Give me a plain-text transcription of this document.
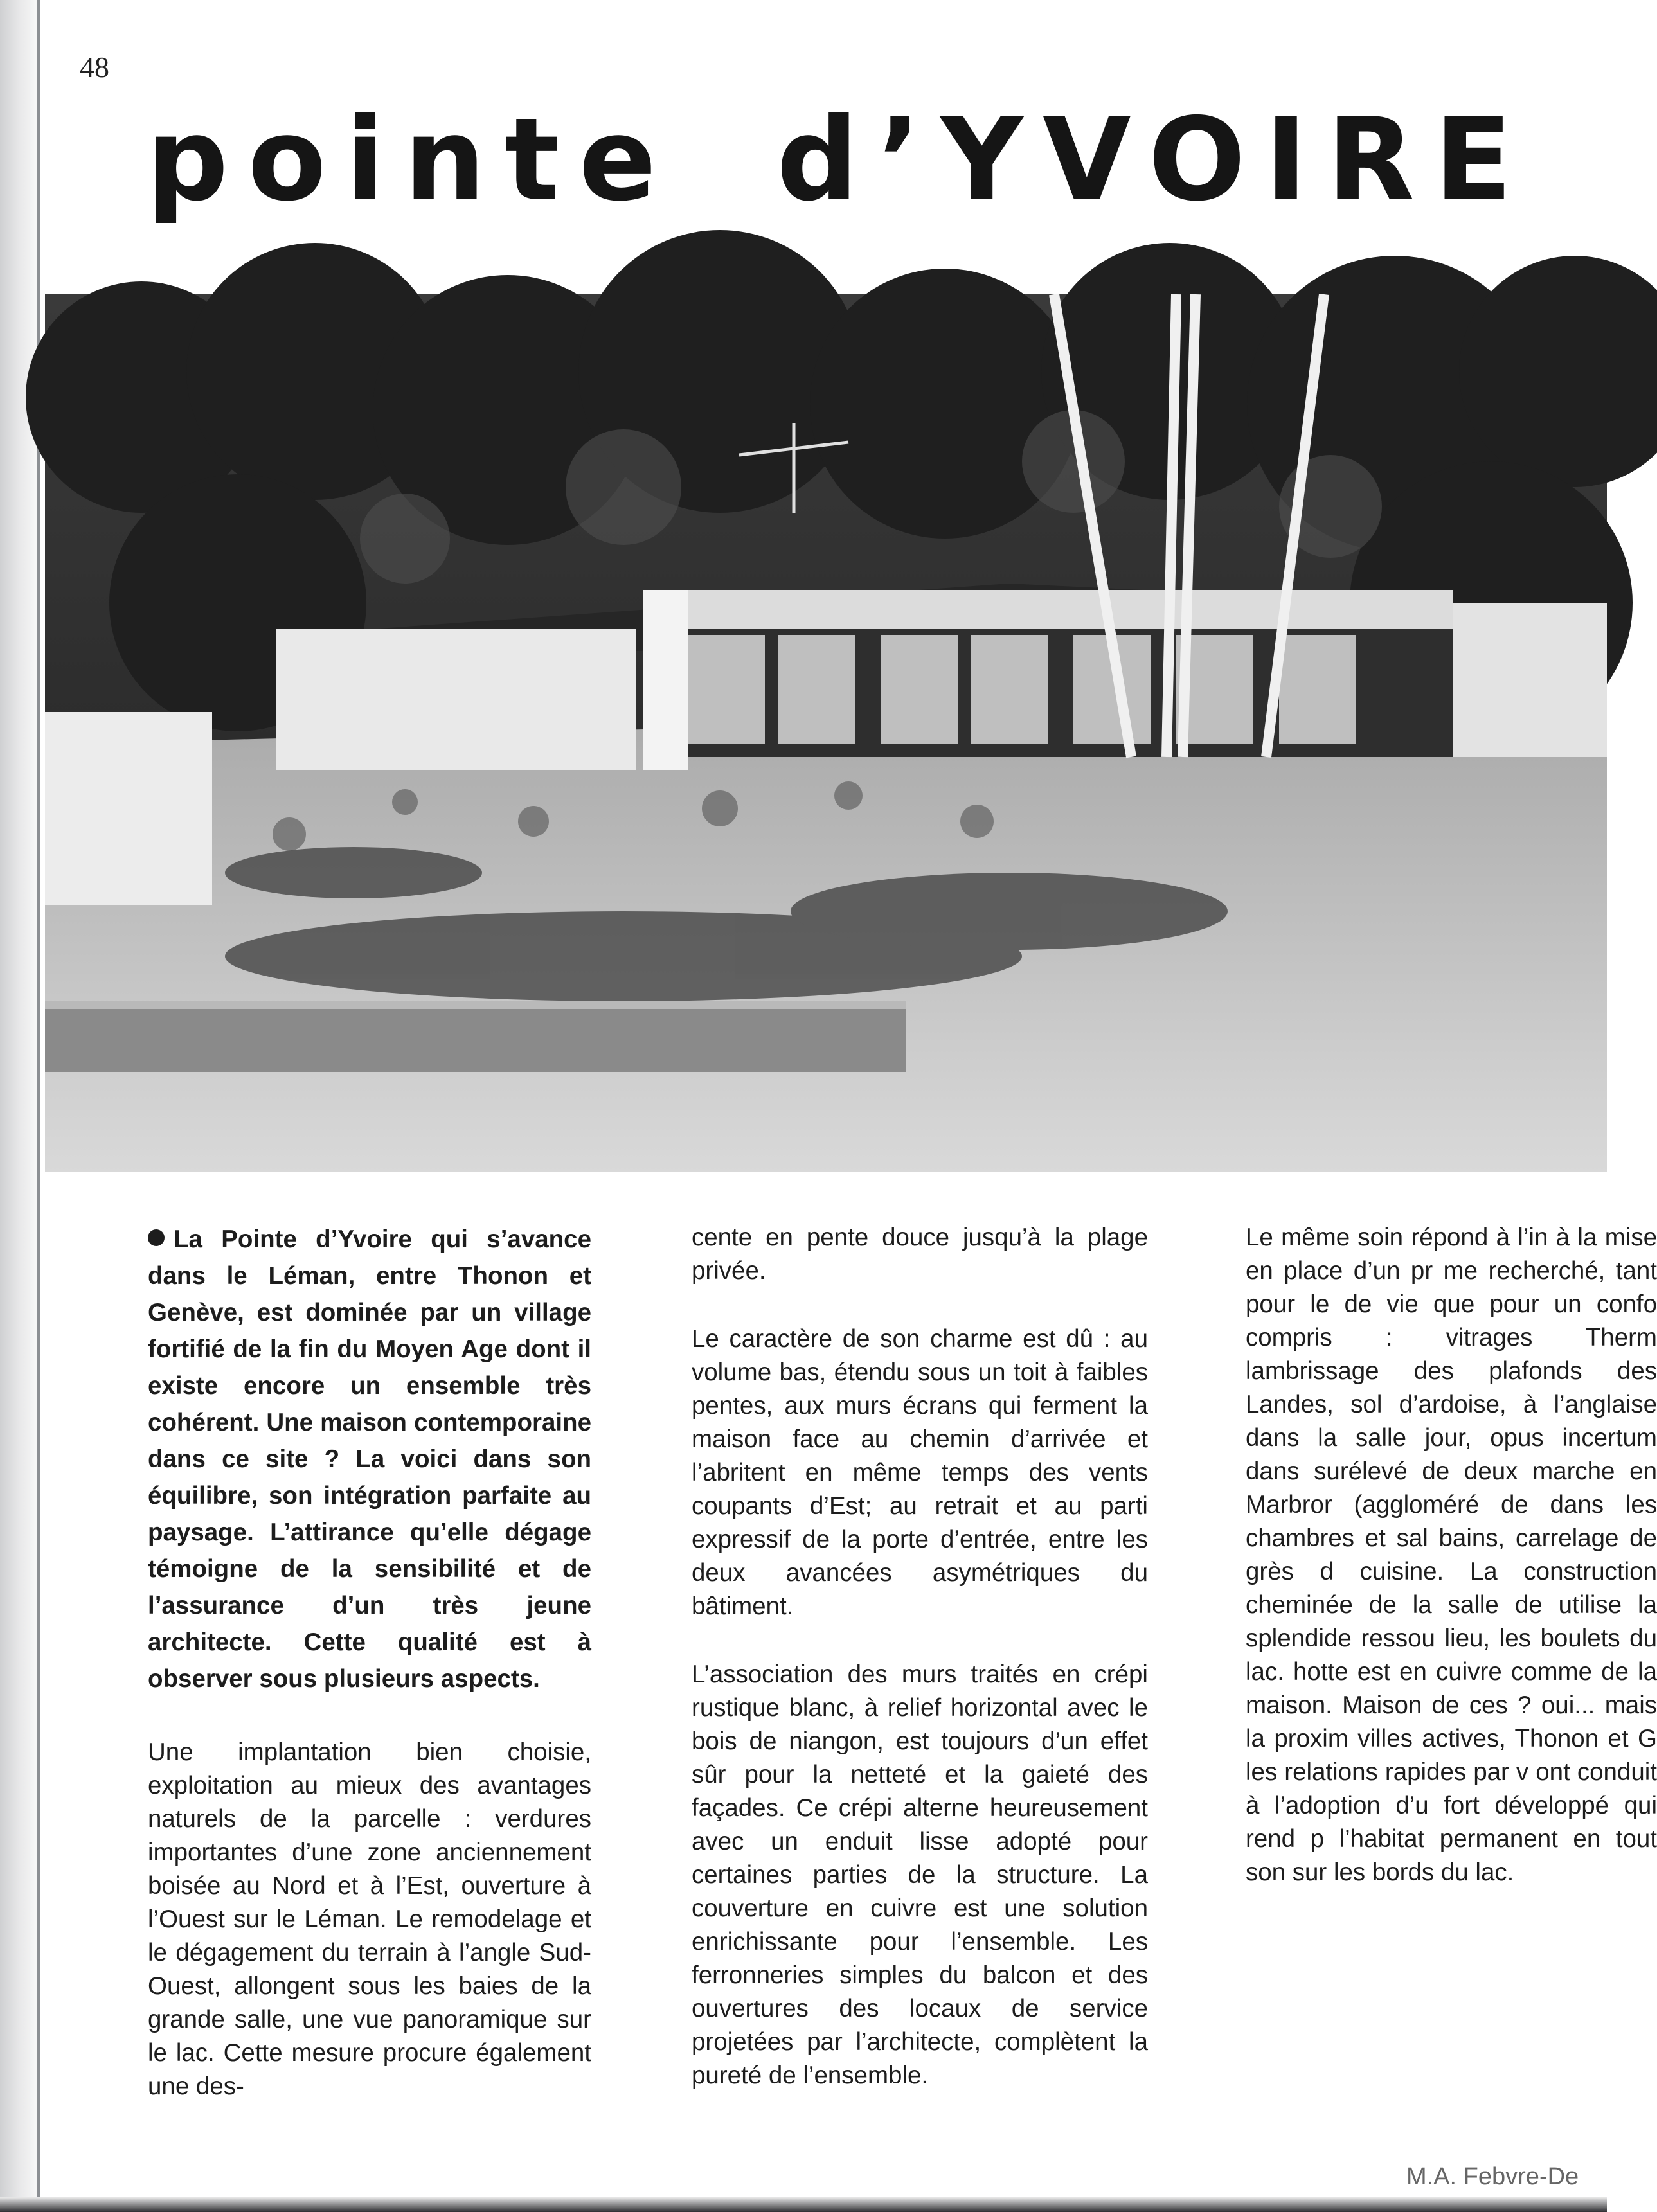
48
pointe d’YVOIRE

La Pointe d’Yvoire qui s’avance dans le Léman, entre Thonon et Genève, est dominée par un village fortifié de la fin du Moyen Age dont il existe encore un ensemble très cohérent. Une maison contemporaine dans ce site ? La voici dans son équilibre, son intégration parfaite au paysage. L’attirance qu’elle dégage témoigne de la sensibilité et de l’assurance d’un très jeune architecte. Cette qualité est à observer sous plusieurs aspects.

Une implantation bien choisie, exploitation au mieux des avantages naturels de la parcelle : verdures importantes d’une zone anciennement boisée au Nord et à l’Est, ouverture à l’Ouest sur le Léman. Le remodelage et le dégagement du terrain à l’angle Sud-Ouest, allongent sous les baies de la grande salle, une vue panoramique sur le lac. Cette mesure procure également une des-

cente en pente douce jusqu’à la plage privée.

Le caractère de son charme est dû : au volume bas, étendu sous un toit à faibles pentes, aux murs écrans qui ferment la maison face au chemin d’arrivée et l’abritent en même temps des vents coupants d’Est; au retrait et au parti expressif de la porte d’entrée, entre les deux avancées asymétriques du bâtiment.

L’association des murs traités en crépi rustique blanc, à relief horizontal avec le bois de niangon, est toujours d’un effet sûr pour la netteté et la gaieté des façades. Ce crépi alterne heureusement avec un enduit lisse adopté pour certaines parties de la structure. La couverture en cuivre est une solution enrichissante pour l’ensemble. Les ferronneries simples du balcon et des ouvertures des locaux de service projetées par l’architecte, complètent la pureté de l’ensemble.

Le même soin répond à l’in à la mise en place d’un pr me recherché, tant pour le de vie que pour un confo compris : vitrages Therm lambrissage des plafonds des Landes, sol d’ardoise, à l’anglaise dans la salle jour, opus incertum dans surélevé de deux marche en Marbror (aggloméré de dans les chambres et sal bains, carrelage de grès d cuisine. La construction cheminée de la salle de utilise la splendide ressou lieu, les boulets du lac. hotte est en cuivre comme de la maison. Maison de ces ? oui... mais la proxim villes actives, Thonon et G les relations rapides par v ont conduit à l’adoption d’u fort développé qui rend p l’habitat permanent en tout son sur les bords du lac.

M.A. Febvre-De
